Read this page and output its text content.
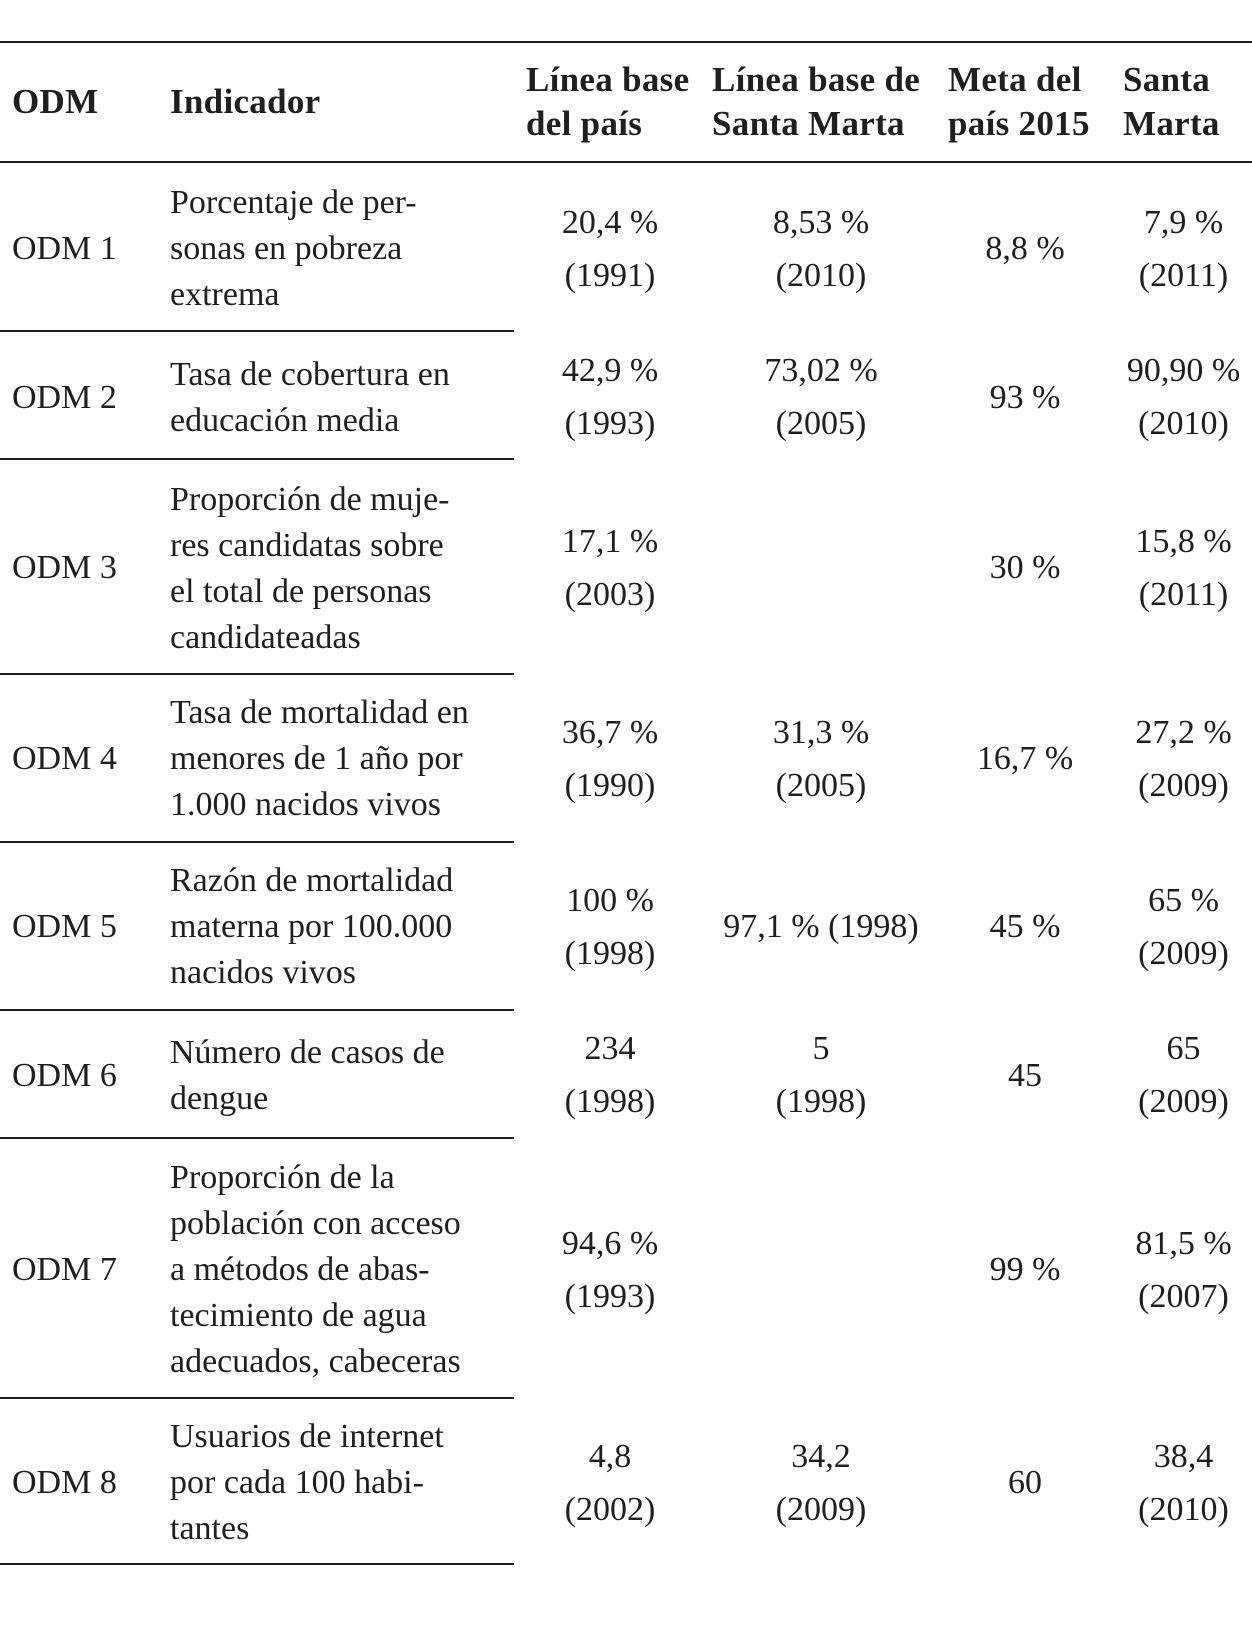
ODM Indicador
Línea base
del país
Línea base de
Santa Marta
Meta del
país 2015
Santa
Marta
ODM 1
Porcentaje de per-
sonas en pobreza
extrema
20,4 %
(1991)
8,53 %
(2010)
8,8 %
7,9 %
(2011)
ODM 2
Tasa de cobertura en
educación media
42,9 %
(1993)
73,02 %
(2005)
93 %
90,90 %
(2010)
ODM 3
Proporción de muje-
res candidatas sobre
el total de personas
candidateadas
17,1 %
(2003)
30 %
15,8 %
(2011)
ODM 4
Tasa de mortalidad en
menores de 1 año por
1.000 nacidos vivos
36,7 %
(1990)
31,3 %
(2005)
16,7 %
27,2 %
(2009)
ODM 5
Razón de mortalidad
materna por 100.000
nacidos vivos
100 %
(1998)
97,1 % (1998)	45 %
65 %
(2009)
ODM 6
Número de casos de
dengue
234
(1998)
5
(1998)
45
65
(2009)
ODM 7
Proporción de la
población con acceso
a métodos de abas-
tecimiento de agua
adecuados, cabeceras
94,6 %
(1993)
99 %
81,5 %
(2007)
ODM 8
Usuarios de internet
por cada 100 habi-
tantes
4,8
(2002)
34,2
(2009)
60
38,4
(2010)
